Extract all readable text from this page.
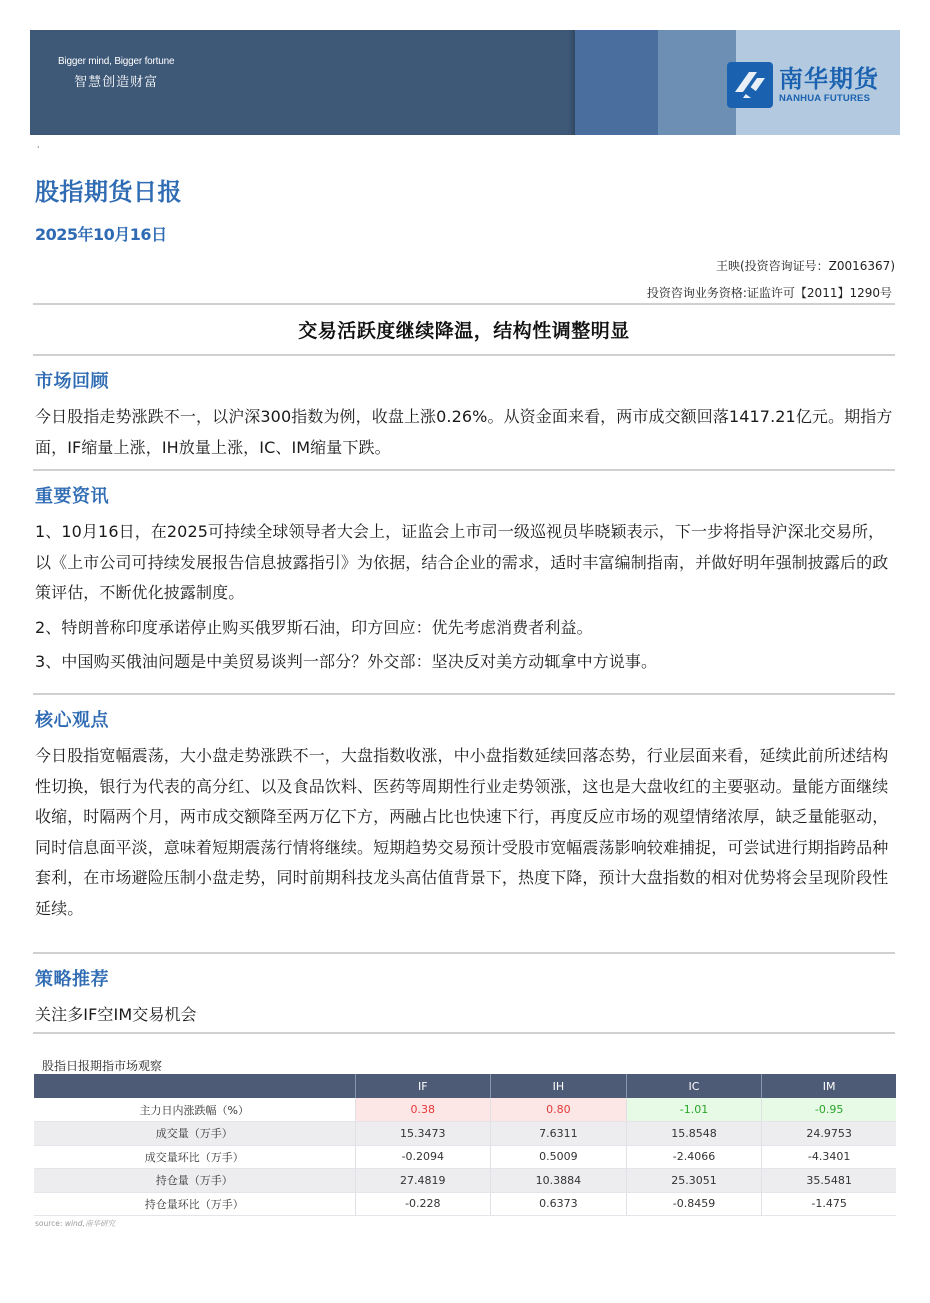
Bigger mind, Bigger fortune
智慧创造财富	南华期货
NANHUA FUTURES
·
股指期货日报
2025年10月16日
王映(投资咨询证号：Z0016367)
投资咨询业务资格:证监许可【2011】1290号
交易活跃度继续降温，结构性调整明显
市场回顾
今日股指走势涨跌不一，以沪深300指数为例，收盘上涨0.26%。从资金面来看，两市成交额回落1417.21亿元。期指方面，IF缩量上涨，IH放量上涨，IC、IM缩量下跌。
重要资讯

1、10月16日，在2025可持续全球领导者大会上，证监会上市司一级巡视员毕晓颖表示，下一步将指导沪深北交易所，以《上市公司可持续发展报告信息披露指引》为依据，结合企业的需求，适时丰富编制指南，并做好明年强制披露后的政策评估，不断优化披露制度。

2、特朗普称印度承诺停止购买俄罗斯石油，印方回应：优先考虑消费者利益。

3、中国购买俄油问题是中美贸易谈判一部分？外交部：坚决反对美方动辄拿中方说事。

核心观点
今日股指宽幅震荡，大小盘走势涨跌不一，大盘指数收涨，中小盘指数延续回落态势，行业层面来看，延续此前所述结构性切换，银行为代表的高分红、以及食品饮料、医药等周期性行业走势领涨，这也是大盘收红的主要驱动。量能方面继续收缩，时隔两个月，两市成交额降至两万亿下方，两融占比也快速下行，再度反应市场的观望情绪浓厚，缺乏量能驱动，同时信息面平淡，意味着短期震荡行情将继续。短期趋势交易预计受股市宽幅震荡影响较难捕捉，可尝试进行期指跨品种套利，在市场避险压制小盘走势，同时前期科技龙头高估值背景下，热度下降，预计大盘指数的相对优势将会呈现阶段性延续。
策略推荐
关注多IF空IM交易机会
股指日报期指市场观察
	IF	IH	IC	IM
主力日内涨跌幅（%）	0.38	0.80	-1.01	-0.95
成交量（万手）	15.3473	7.6311	15.8548	24.9753
成交量环比（万手）	-0.2094	0.5009	-2.4066	-4.3401
持仓量（万手）	27.4819	10.3884	25.3051	35.5481
持仓量环比（万手）	-0.228	0.6373	-0.8459	-1.475
source: wind,南华研究
